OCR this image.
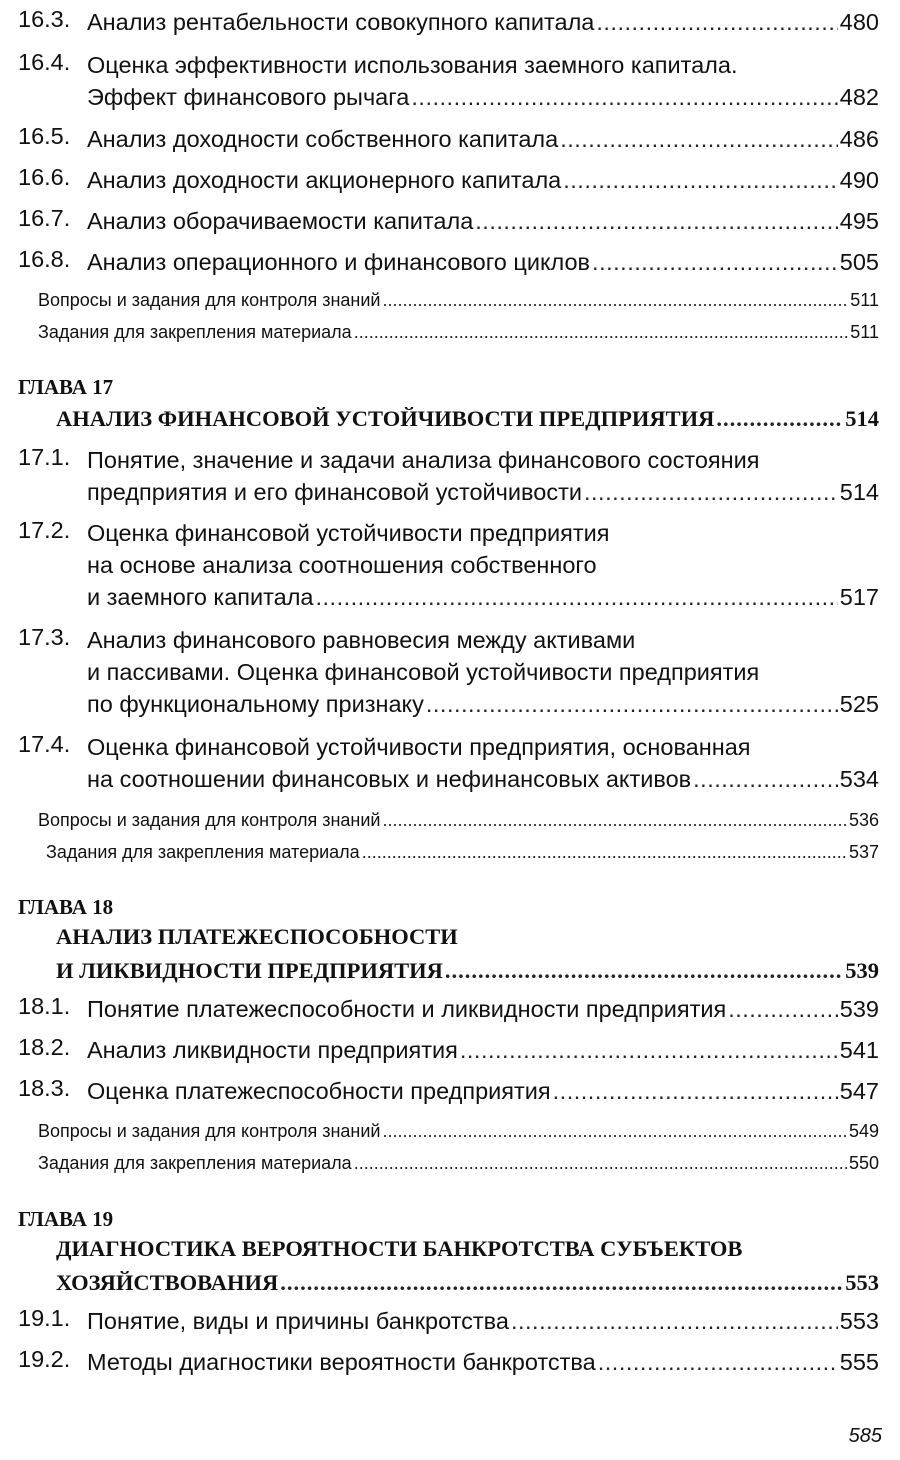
16.3. Анализ рентабельности совокупного капитала .....	480
16.4. Оценка эффективности использования заемного капитала.
Эффект финансового рычага .....	482
16.5. Анализ доходности собственного капитала .....	486
16.6. Анализ доходности акционерного капитала .....	490
16.7. Анализ оборачиваемости капитала .....	495
16.8. Анализ операционного и финансового циклов .....	505
Вопросы и задания для контроля знаний .....	511
Задания для закрепления материала .....	511
ГЛАВА 17
АНАЛИЗ ФИНАНСОВОЙ УСТОЙЧИВОСТИ ПРЕДПРИЯТИЯ .....	514
17.1. Понятие, значение и задачи анализа финансового состояния
предприятия и его финансовой устойчивости .....	514
17.2. Оценка финансовой устойчивости предприятия
на основе анализа соотношения собственного
и заемного капитала .....	517
17.3. Анализ финансового равновесия между активами
и пассивами. Оценка финансовой устойчивости предприятия
по функциональному признаку .....	525
17.4. Оценка финансовой устойчивости предприятия, основанная
на соотношении финансовых и нефинансовых активов .....	534
Вопросы и задания для контроля знаний .....	536
Задания для закрепления материала .....	537
ГЛАВА 18
АНАЛИЗ ПЛАТЕЖЕСПОСОБНОСТИ
И ЛИКВИДНОСТИ ПРЕДПРИЯТИЯ .....	539
18.1. Понятие платежеспособности и ликвидности предприятия .....	539
18.2. Анализ ликвидности предприятия .....	541
18.3. Оценка платежеспособности предприятия .....	547
Вопросы и задания для контроля знаний .....	549
Задания для закрепления материала .....	550
ГЛАВА 19
ДИАГНОСТИКА ВЕРОЯТНОСТИ БАНКРОТСТВА СУБЪЕКТОВ
ХОЗЯЙСТВОВАНИЯ .....	553
19.1. Понятие, виды и причины банкротства .....	553
19.2. Методы диагностики вероятности банкротства .....	555
585
